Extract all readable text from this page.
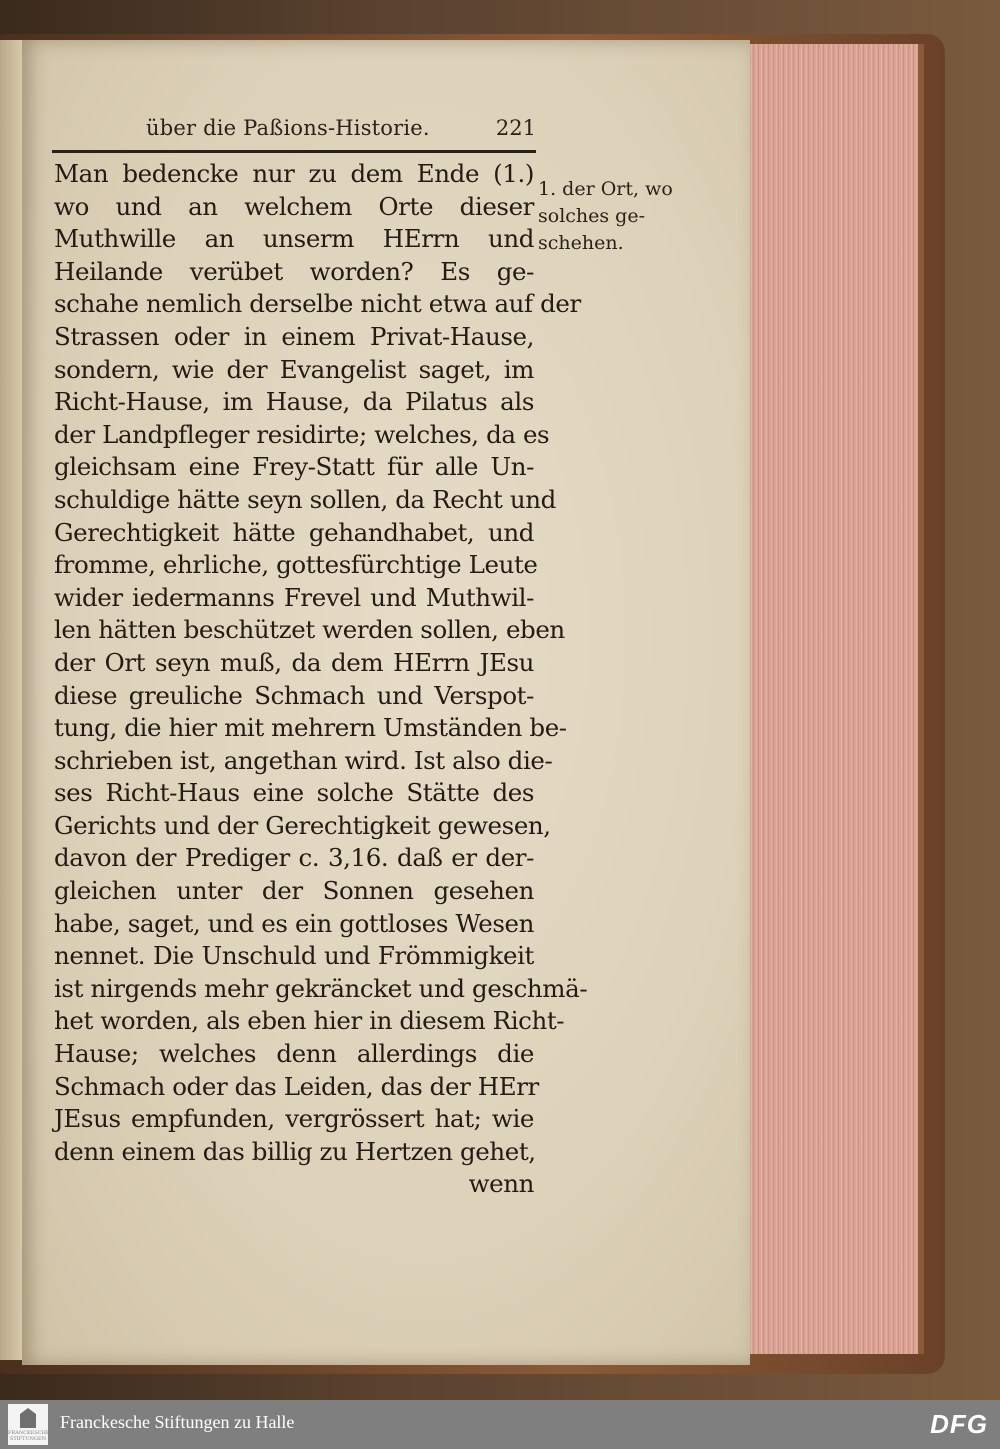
über die Paßions-Historie.	221
Man bedencke nur zu dem Ende (1.)
wo und an welchem Orte dieser
Muthwille an unserm HErrn und
Heilande verübet worden? Es ge-
schahe nemlich derselbe nicht etwa auf der
Strassen oder in einem Privat-Hause,
sondern, wie der Evangelist saget, im
Richt-Hause, im Hause, da Pilatus als
der Landpfleger residirte; welches, da es
gleichsam eine Frey-Statt für alle Un-
schuldige hätte seyn sollen, da Recht und
Gerechtigkeit hätte gehandhabet, und
fromme, ehrliche, gottesfürchtige Leute
wider iedermanns Frevel und Muthwil-
len hätten beschützet werden sollen, eben
der Ort seyn muß, da dem HErrn JEsu
diese greuliche Schmach und Verspot-
tung, die hier mit mehrern Umständen be-
schrieben ist, angethan wird. Ist also die-
ses Richt-Haus eine solche Stätte des
Gerichts und der Gerechtigkeit gewesen,
davon der Prediger c. 3,16. daß er der-
gleichen unter der Sonnen gesehen
habe, saget, und es ein gottloses Wesen
nennet. Die Unschuld und Frömmigkeit
ist nirgends mehr gekräncket und geschmä-
het worden, als eben hier in diesem Richt-
Hause; welches denn allerdings die
Schmach oder das Leiden, das der HErr
JEsus empfunden, vergrössert hat; wie
denn einem das billig zu Hertzen gehet,
wenn
1. der Ort, wo
solches ge-
schehen.
FRANCKESCHE STIFTUNGEN
Franckesche Stiftungen zu Halle	DFG
